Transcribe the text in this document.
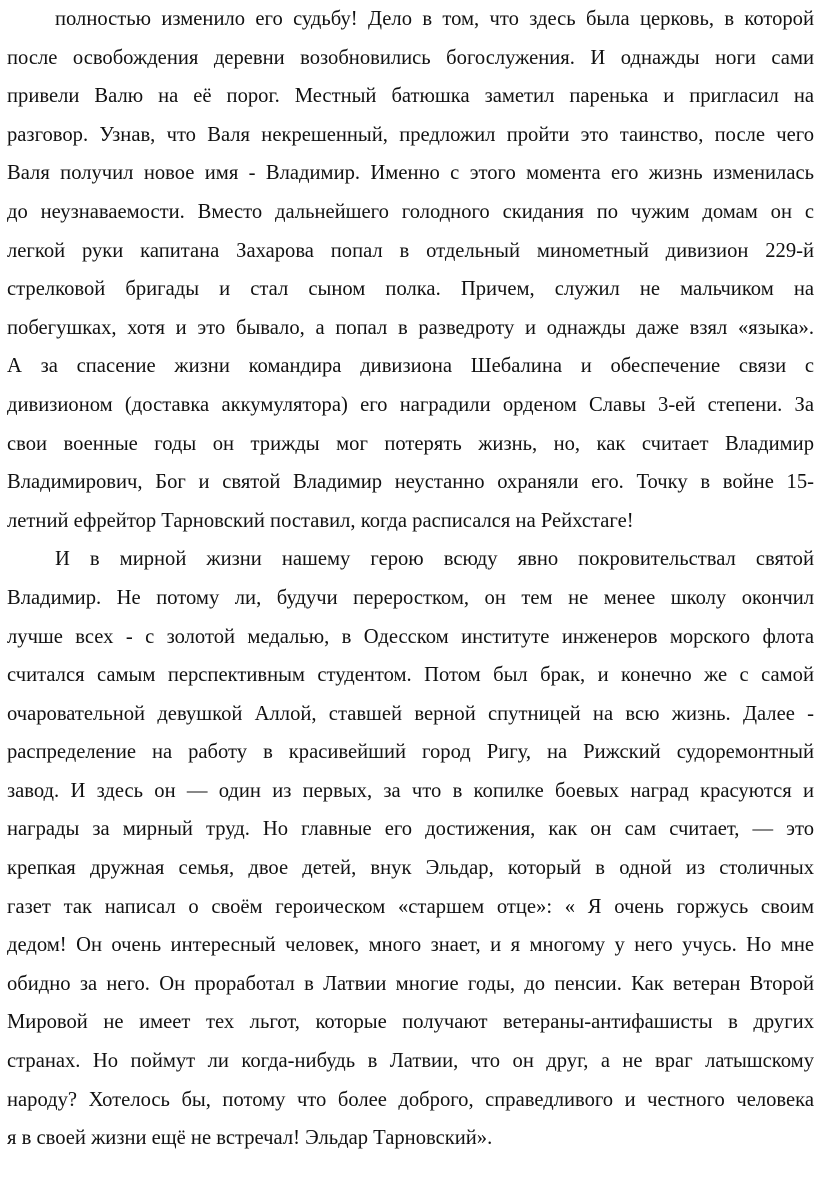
полностью изменило его судьбу! Дело в том, что здесь была церковь, в которой
после освобождения деревни возобновились богослужения. И однажды ноги сами
привели Валю на её порог. Местный батюшка заметил паренька и пригласил на
разговор. Узнав, что Валя некрешенный, предложил пройти это таинство, после чего
Валя получил новое имя - Владимир. Именно с этого момента его жизнь изменилась
до неузнаваемости. Вместо дальнейшего голодного скидания по чужим домам он с
легкой руки капитана Захарова попал в отдельный минометный дивизион 229-й
стрелковой бригады и стал сыном полка. Причем, служил не мальчиком на
побегушках, хотя и это бывало, а попал в разведроту и однажды даже взял «языка».
А за спасение жизни командира дивизиона Шебалина и обеспечение связи с
дивизионом (доставка аккумулятора) его наградили орденом Славы 3-ей степени. За
свои военные годы он трижды мог потерять жизнь, но, как считает Владимир
Владимирович, Бог и святой Владимир неустанно охраняли его. Точку в войне 15-
летний ефрейтор Тарновский поставил, когда расписался на Рейхстаге!
И в мирной жизни нашему герою всюду явно покровительствал святой
Владимир. Не потому ли, будучи переростком, он тем не менее школу окончил
лучше всех - с золотой медалью, в Одесском институте инженеров морского флота
считался самым перспективным студентом. Потом был брак, и конечно же с самой
очаровательной девушкой Аллой, ставшей верной спутницей на всю жизнь. Далее -
распределение на работу в красивейший город Ригу, на Рижский судоремонтный
завод. И здесь он — один из первых, за что в копилке боевых наград красуются и
награды за мирный труд. Но главные его достижения, как он сам считает, — это
крепкая дружная семья, двое детей, внук Эльдар, который в одной из столичных
газет так написал о своём героическом «старшем отце»: « Я очень горжусь своим
дедом! Он очень интересный человек, много знает, и я многому у него учусь. Но мне
обидно за него. Он проработал в Латвии многие годы, до пенсии. Как ветеран Второй
Мировой не имеет тех льгот, которые получают ветераны-антифашисты в других
странах. Но поймут ли когда-нибудь в Латвии, что он друг, а не враг латышскому
народу? Хотелось бы, потому что более доброго, справедливого и честного человека
я в своей жизни ещё не встречал! Эльдар Тарновский».
